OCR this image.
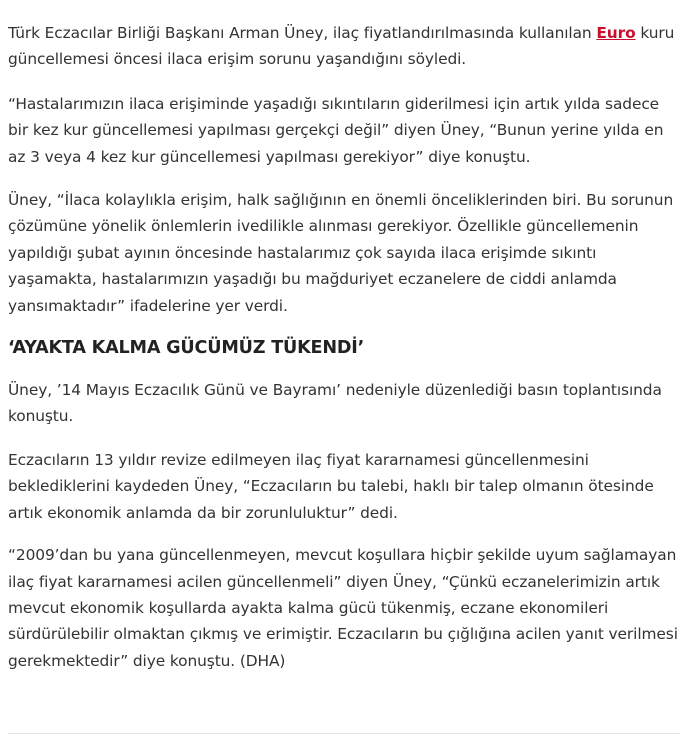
Türk Eczacılar Birliği Başkanı Arman Üney, ilaç fiyatlandırılmasında kullanılan Euro kuru güncellemesi öncesi ilaca erişim sorunu yaşandığını söyledi.

“Hastalarımızın ilaca erişiminde yaşadığı sıkıntıların giderilmesi için artık yılda sadece bir kez kur güncellemesi yapılması gerçekçi değil” diyen Üney, “Bunun yerine yılda en az 3 veya 4 kez kur güncellemesi yapılması gerekiyor” diye konuştu.

Üney, “İlaca kolaylıkla erişim, halk sağlığının en önemli önceliklerinden biri. Bu sorunun çözümüne yönelik önlemlerin ivedilikle alınması gerekiyor. Özellikle güncellemenin yapıldığı şubat ayının öncesinde hastalarımız çok sayıda ilaca erişimde sıkıntı yaşamakta, hastalarımızın yaşadığı bu mağduriyet eczanelere de ciddi anlamda yansımaktadır” ifadelerine yer verdi.

‘AYAKTA KALMA GÜCÜMÜZ TÜKENDİ’

Üney, ’14 Mayıs Eczacılık Günü ve Bayramı’ nedeniyle düzenlediği basın toplantısında konuştu.

Eczacıların 13 yıldır revize edilmeyen ilaç fiyat kararnamesi güncellenmesini beklediklerini kaydeden Üney, “Eczacıların bu talebi, haklı bir talep olmanın ötesinde artık ekonomik anlamda da bir zorunluluktur” dedi.

“2009’dan bu yana güncellenmeyen, mevcut koşullara hiçbir şekilde uyum sağlamayan ilaç fiyat kararnamesi acilen güncellenmeli” diyen Üney, “Çünkü eczanelerimizin artık mevcut ekonomik koşullarda ayakta kalma gücü tükenmiş, eczane ekonomileri sürdürülebilir olmaktan çıkmış ve erimiştir. Eczacıların bu çığlığına acilen yanıt verilmesi gerekmektedir” diye konuştu. (DHA)
